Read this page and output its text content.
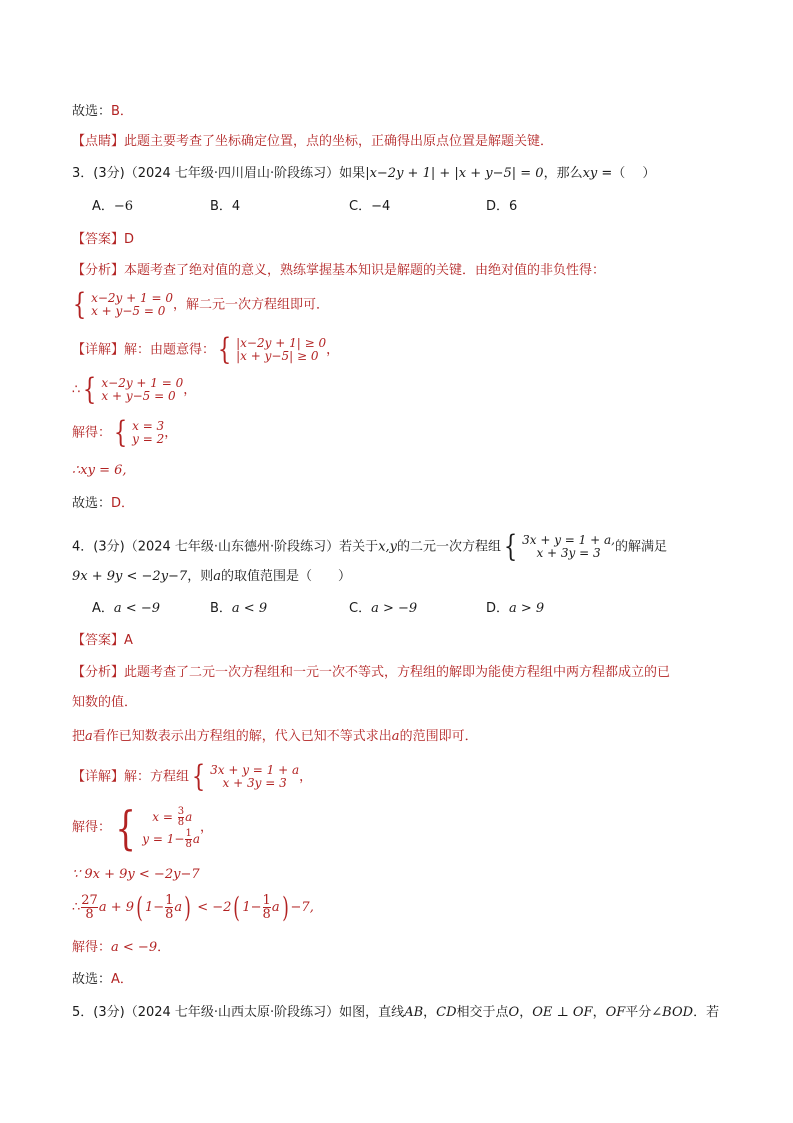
故选：B．
【点睛】此题主要考查了坐标确定位置，点的坐标，正确得出原点位置是解题关键．
3．(3分)（2024 七年级·四川眉山·阶段练习）如果|x−2y + 1| + |x + y−5| = 0，那么xy =（　 ）
A．−6	B．4	C．−4	D．6
【答案】D
【分析】本题考查了绝对值的意义，熟练掌握基本知识是解题的关键．由绝对值的非负性得：
{ x−2y + 1 = 0
x + y−5 = 0 ，解二元一次方程组即可．
【详解】解：由题意得： { |x−2y + 1| ≥ 0
|x + y−5| ≥ 0 ，
∴ { x−2y + 1 = 0
x + y−5 = 0 ，
解得： { x = 3
y = 2 ，
∴xy = 6,
故选：D．
4．(3分)（2024 七年级·山东德州·阶段练习）若关于x,y的二元一次方程组 { 3x + y = 1 + a,
x + 3y = 3 的解满足
9x + 9y < −2y−7，则a的取值范围是（　　）
A．a < −9	B．a < 9	C．a > −9	D．a > 9
【答案】A
【分析】此题考查了二元一次方程组和一元一次不等式，方程组的解即为能使方程组中两方程都成立的已
知数的值．
把a看作已知数表示出方程组的解，代入已知不等式求出a的范围即可．
【详解】解：方程组 { 3x + y = 1 + a
x + 3y = 3 ，
解得： {	$x = \frac{3}{8}$ a
$y = 1- \frac{1}{8}$ a
，
∵ 9x + 9y < −2y−7
∴ $\frac{27}{8}$ a + 9( $1- \frac{1}{8} a) < -2$( $1- \frac{1}{8} a) -7$,
解得：a < −9．
故选：A．
5．(3分)（2024 七年级·山西太原·阶段练习）如图，直线AB，CD相交于点O，OE ⊥ OF，OF平分∠BOD．若
